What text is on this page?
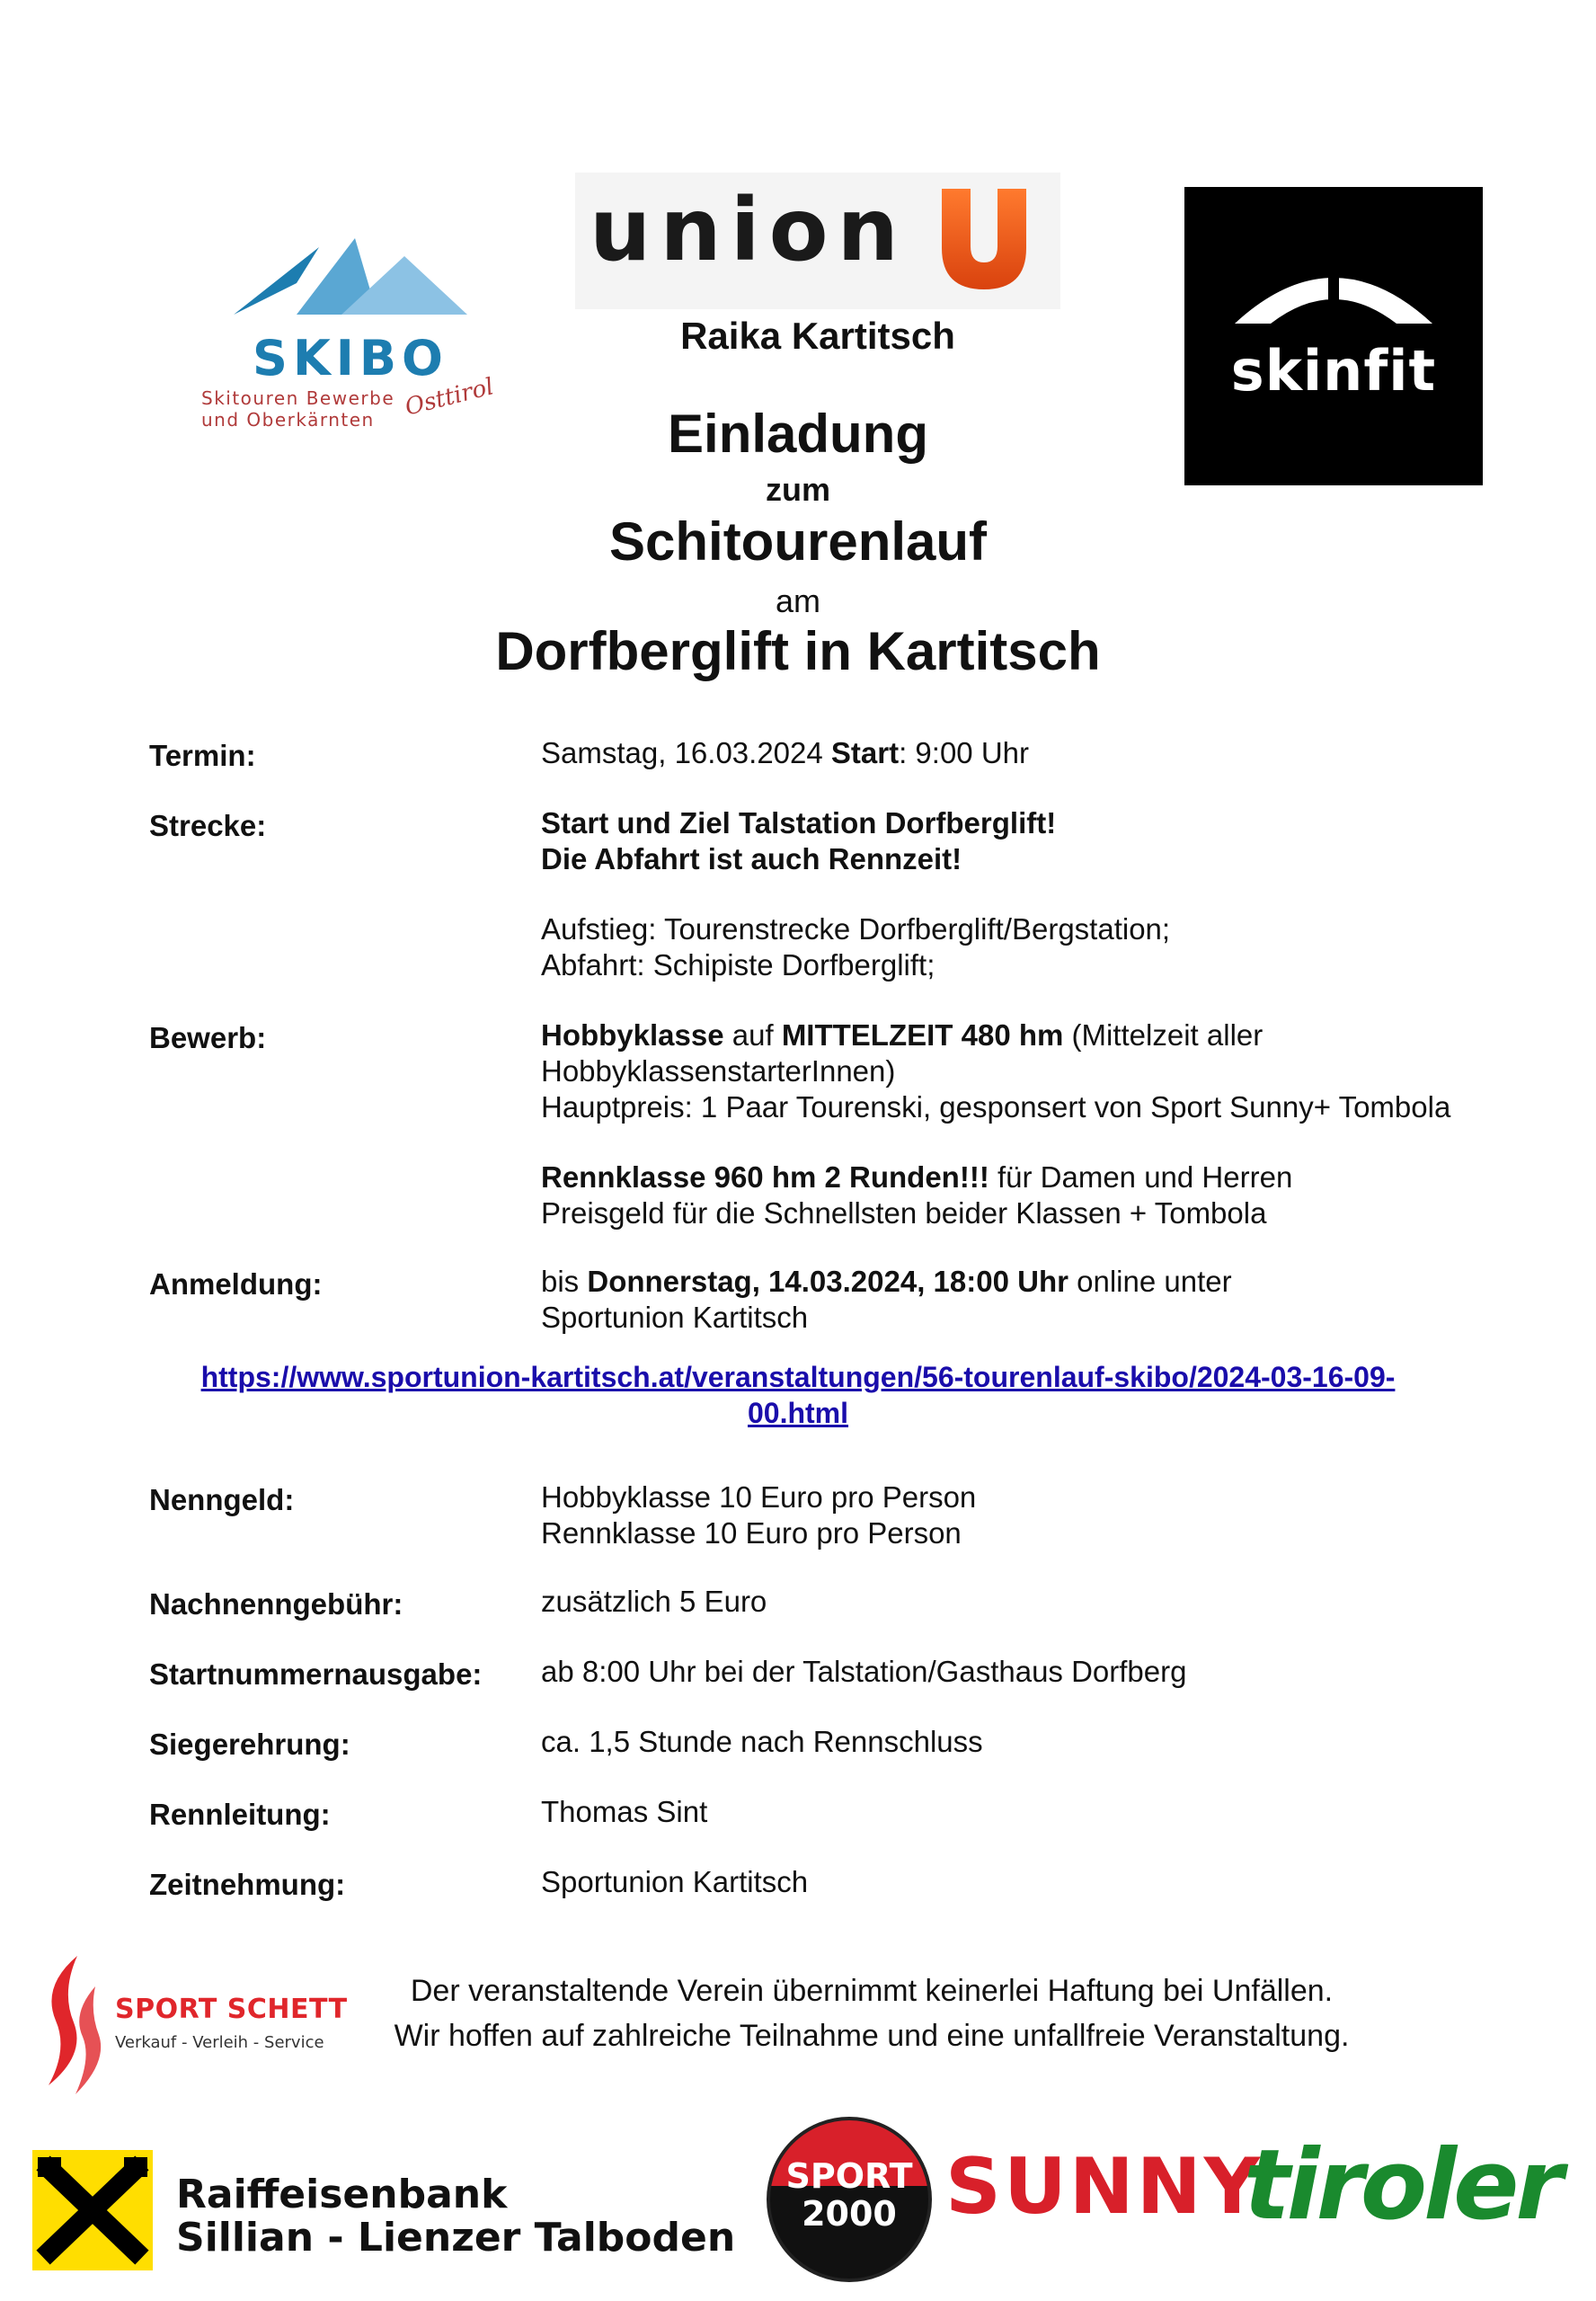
SKIBO
Skitouren Bewerbe
und Oberkärnten Osttirol
union
Raika Kartitsch
skinfit
Einladung
zum
Schitourenlauf
am
Dorfberglift in Kartitsch
Termin:	Samstag, 16.03.2024 Start: 9:00 Uhr
Strecke:	Start und Ziel Talstation Dorfberglift!
Die Abfahrt ist auch Rennzeit!
Aufstieg: Tourenstrecke Dorfberglift/Bergstation;
Abfahrt: Schipiste Dorfberglift;
Bewerb:	Hobbyklasse auf MITTELZEIT 480 hm (Mittelzeit aller
HobbyklassenstarterInnen)
Hauptpreis: 1 Paar Tourenski, gesponsert von Sport Sunny+ Tombola
Rennklasse 960 hm 2 Runden!!! für Damen und Herren
Preisgeld für die Schnellsten beider Klassen + Tombola
Anmeldung:	bis Donnerstag, 14.03.2024, 18:00 Uhr online unter
Sportunion Kartitsch
https://www.sportunion-kartitsch.at/veranstaltungen/56-tourenlauf-skibo/2024-03-16-09-
00.html
Nenngeld:	Hobbyklasse 10 Euro pro Person
Rennklasse 10 Euro pro Person
Nachnenngebühr:	zusätzlich 5 Euro
Startnummernausgabe: ab 8:00 Uhr bei der Talstation/Gasthaus Dorfberg
Siegerehrung:	ca. 1,5 Stunde nach Rennschluss
Rennleitung:	Thomas Sint
Zeitnehmung:	Sportunion Kartitsch
Der veranstaltende Verein übernimmt keinerlei Haftung bei Unfällen.
Wir hoffen auf zahlreiche Teilnahme und eine unfallfreie Veranstaltung.
SPORT SCHETT
Verkauf - Verleih - Service
Raiffeisenbank
Sillian - Lienzer Talboden
SPORT
2000 SUNNY
tiroler
